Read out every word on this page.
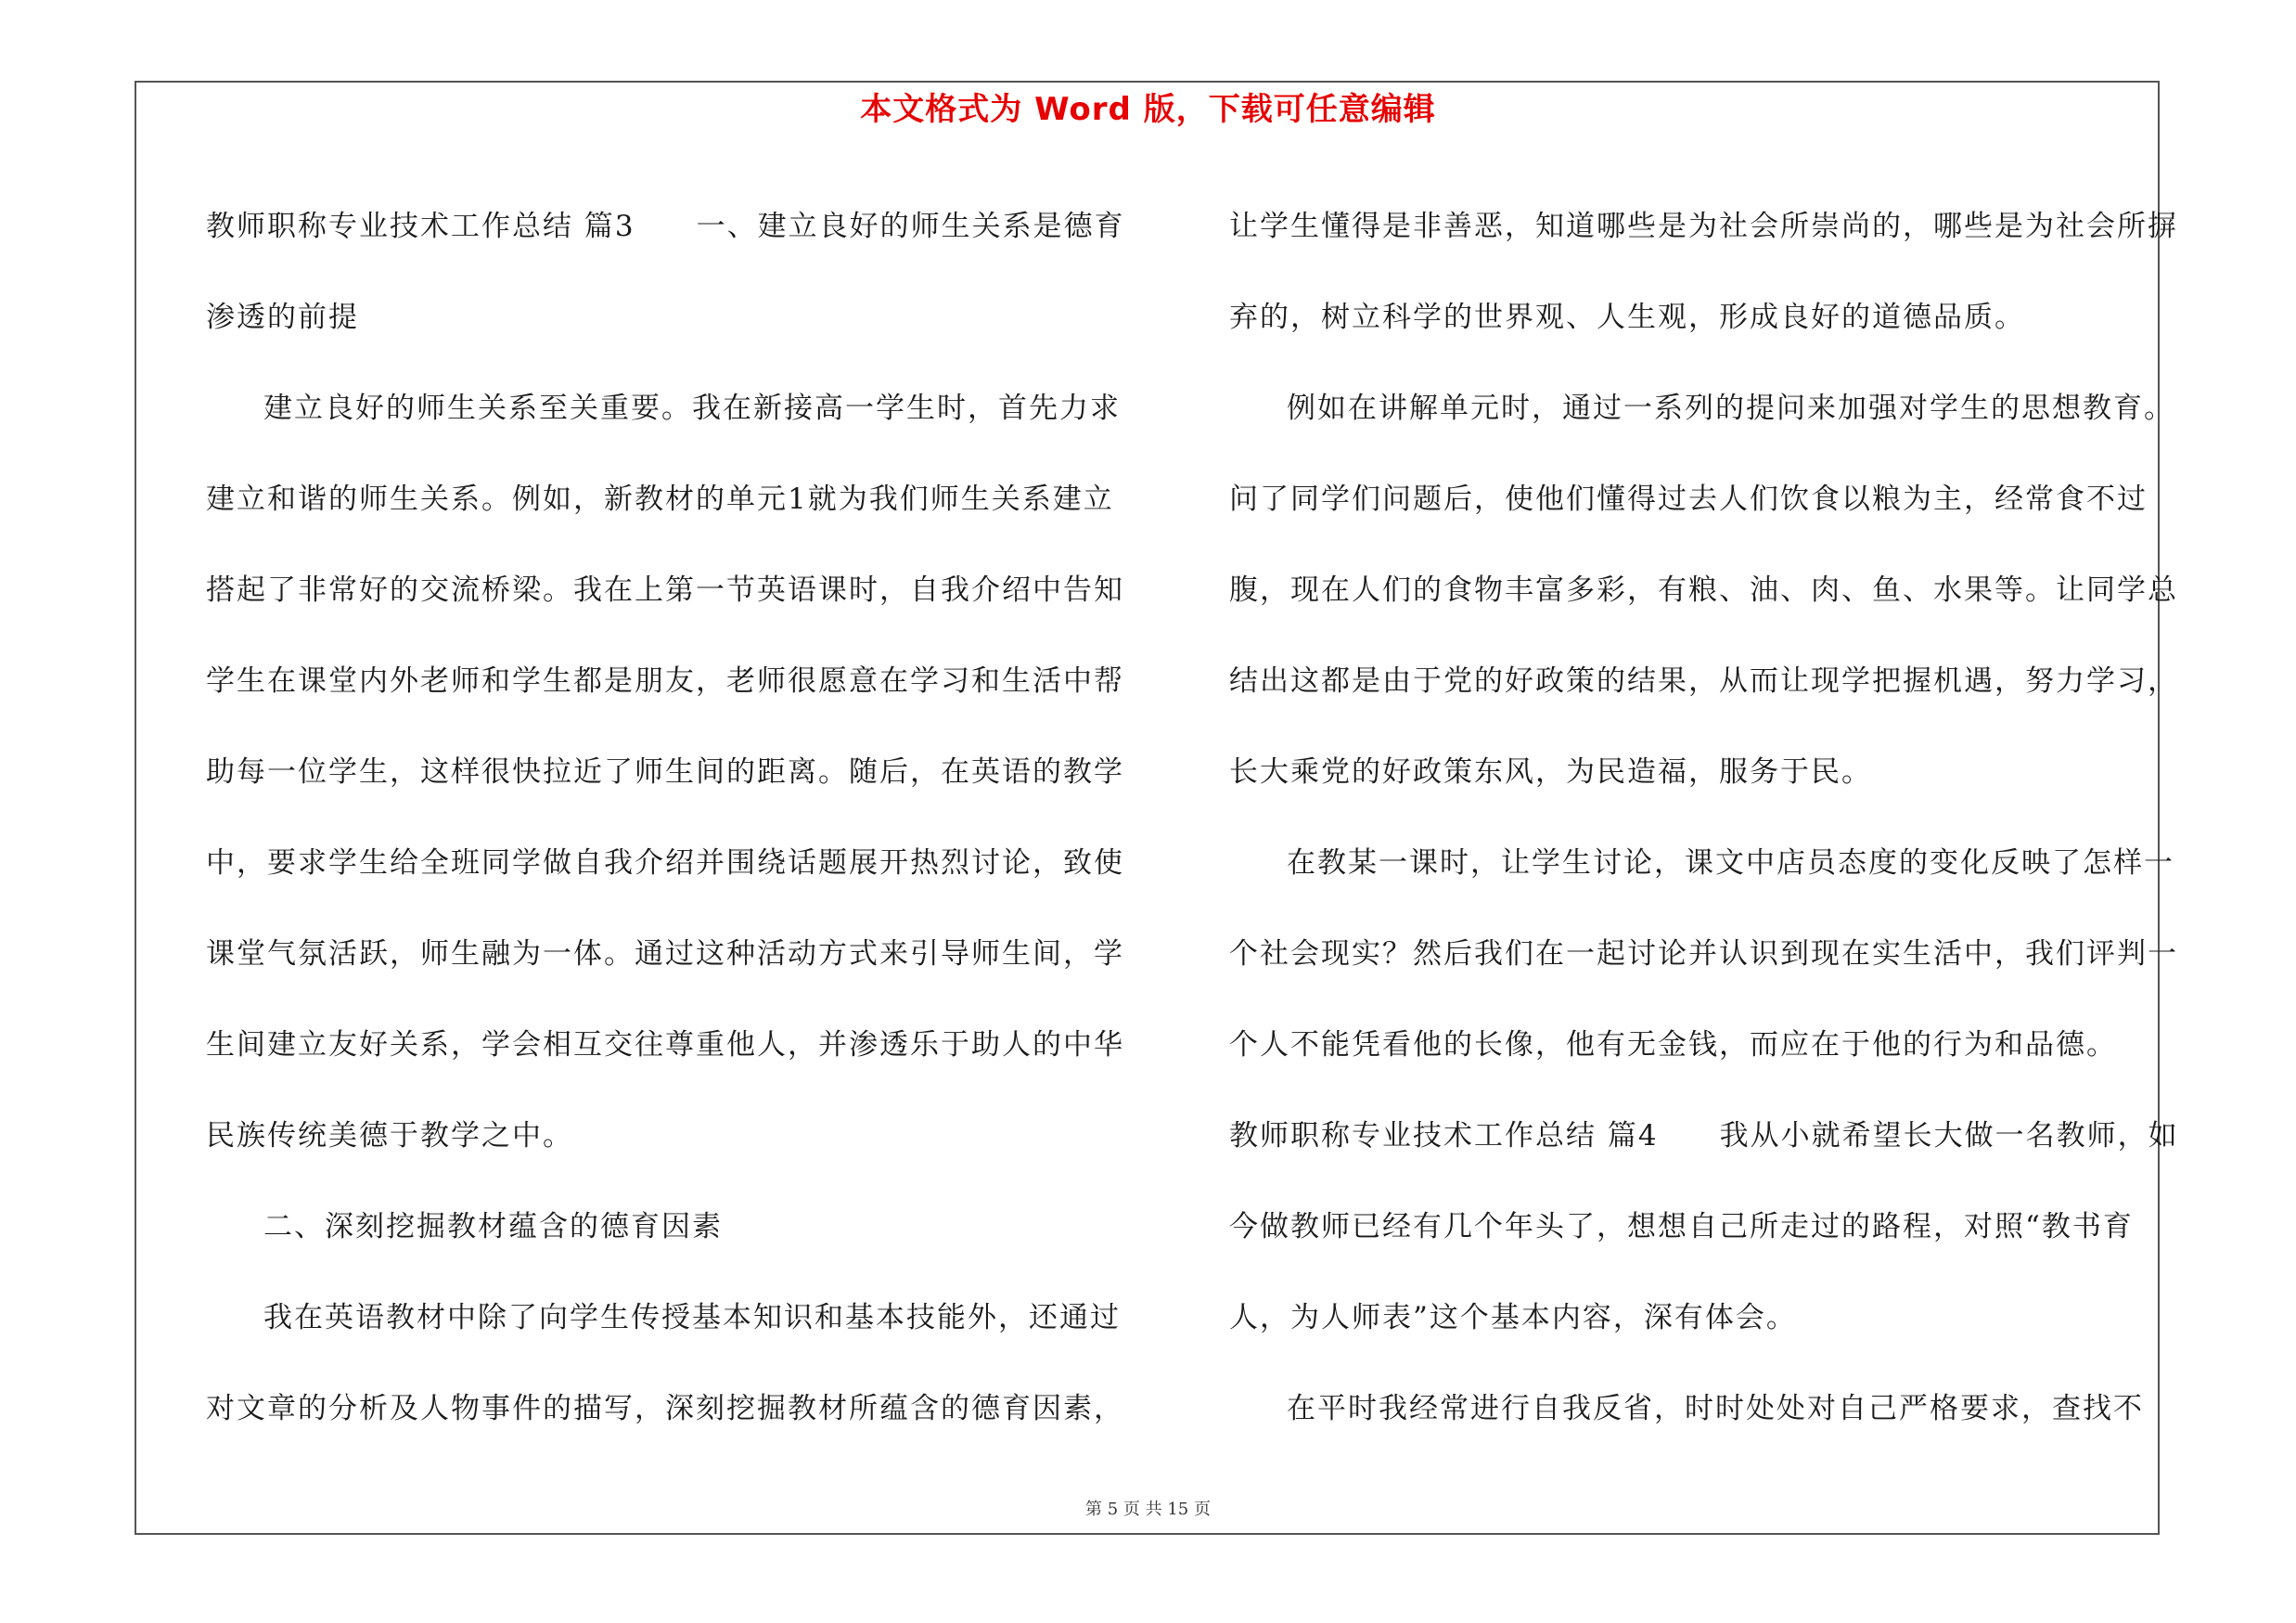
本文格式为 Word 版，下载可任意编辑

教师职称专业技术工作总结 篇3　　一、建立良好的师生关系是德育渗透的前提

建立良好的师生关系至关重要。我在新接高一学生时，首先力求建立和谐的师生关系。例如，新教材的单元1就为我们师生关系建立搭起了非常好的交流桥梁。我在上第一节英语课时，自我介绍中告知学生在课堂内外老师和学生都是朋友，老师很愿意在学习和生活中帮助每一位学生，这样很快拉近了师生间的距离。随后，在英语的教学中，要求学生给全班同学做自我介绍并围绕话题展开热烈讨论，致使课堂气氛活跃，师生融为一体。通过这种活动方式来引导师生间，学生间建立友好关系，学会相互交往尊重他人，并渗透乐于助人的中华民族传统美德于教学之中。

二、深刻挖掘教材蕴含的德育因素

我在英语教材中除了向学生传授基本知识和基本技能外，还通过对文章的分析及人物事件的描写，深刻挖掘教材所蕴含的德育因素，

让学生懂得是非善恶，知道哪些是为社会所崇尚的，哪些是为社会所摒弃的，树立科学的世界观、人生观，形成良好的道德品质。

例如在讲解单元时，通过一系列的提问来加强对学生的思想教育。问了同学们问题后，使他们懂得过去人们饮食以粮为主，经常食不过腹，现在人们的食物丰富多彩，有粮、油、肉、鱼、水果等。让同学总结出这都是由于党的好政策的结果，从而让现学把握机遇，努力学习，长大乘党的好政策东风，为民造福，服务于民。

在教某一课时，让学生讨论，课文中店员态度的变化反映了怎样一个社会现实？然后我们在一起讨论并认识到现在实生活中，我们评判一个人不能凭看他的长像，他有无金钱，而应在于他的行为和品德。

教师职称专业技术工作总结 篇4　　我从小就希望长大做一名教师，如今做教师已经有几个年头了，想想自己所走过的路程，对照“教书育人，为人师表”这个基本内容，深有体会。

在平时我经常进行自我反省，时时处处对自己严格要求，查找不

第 5 页 共 15 页
